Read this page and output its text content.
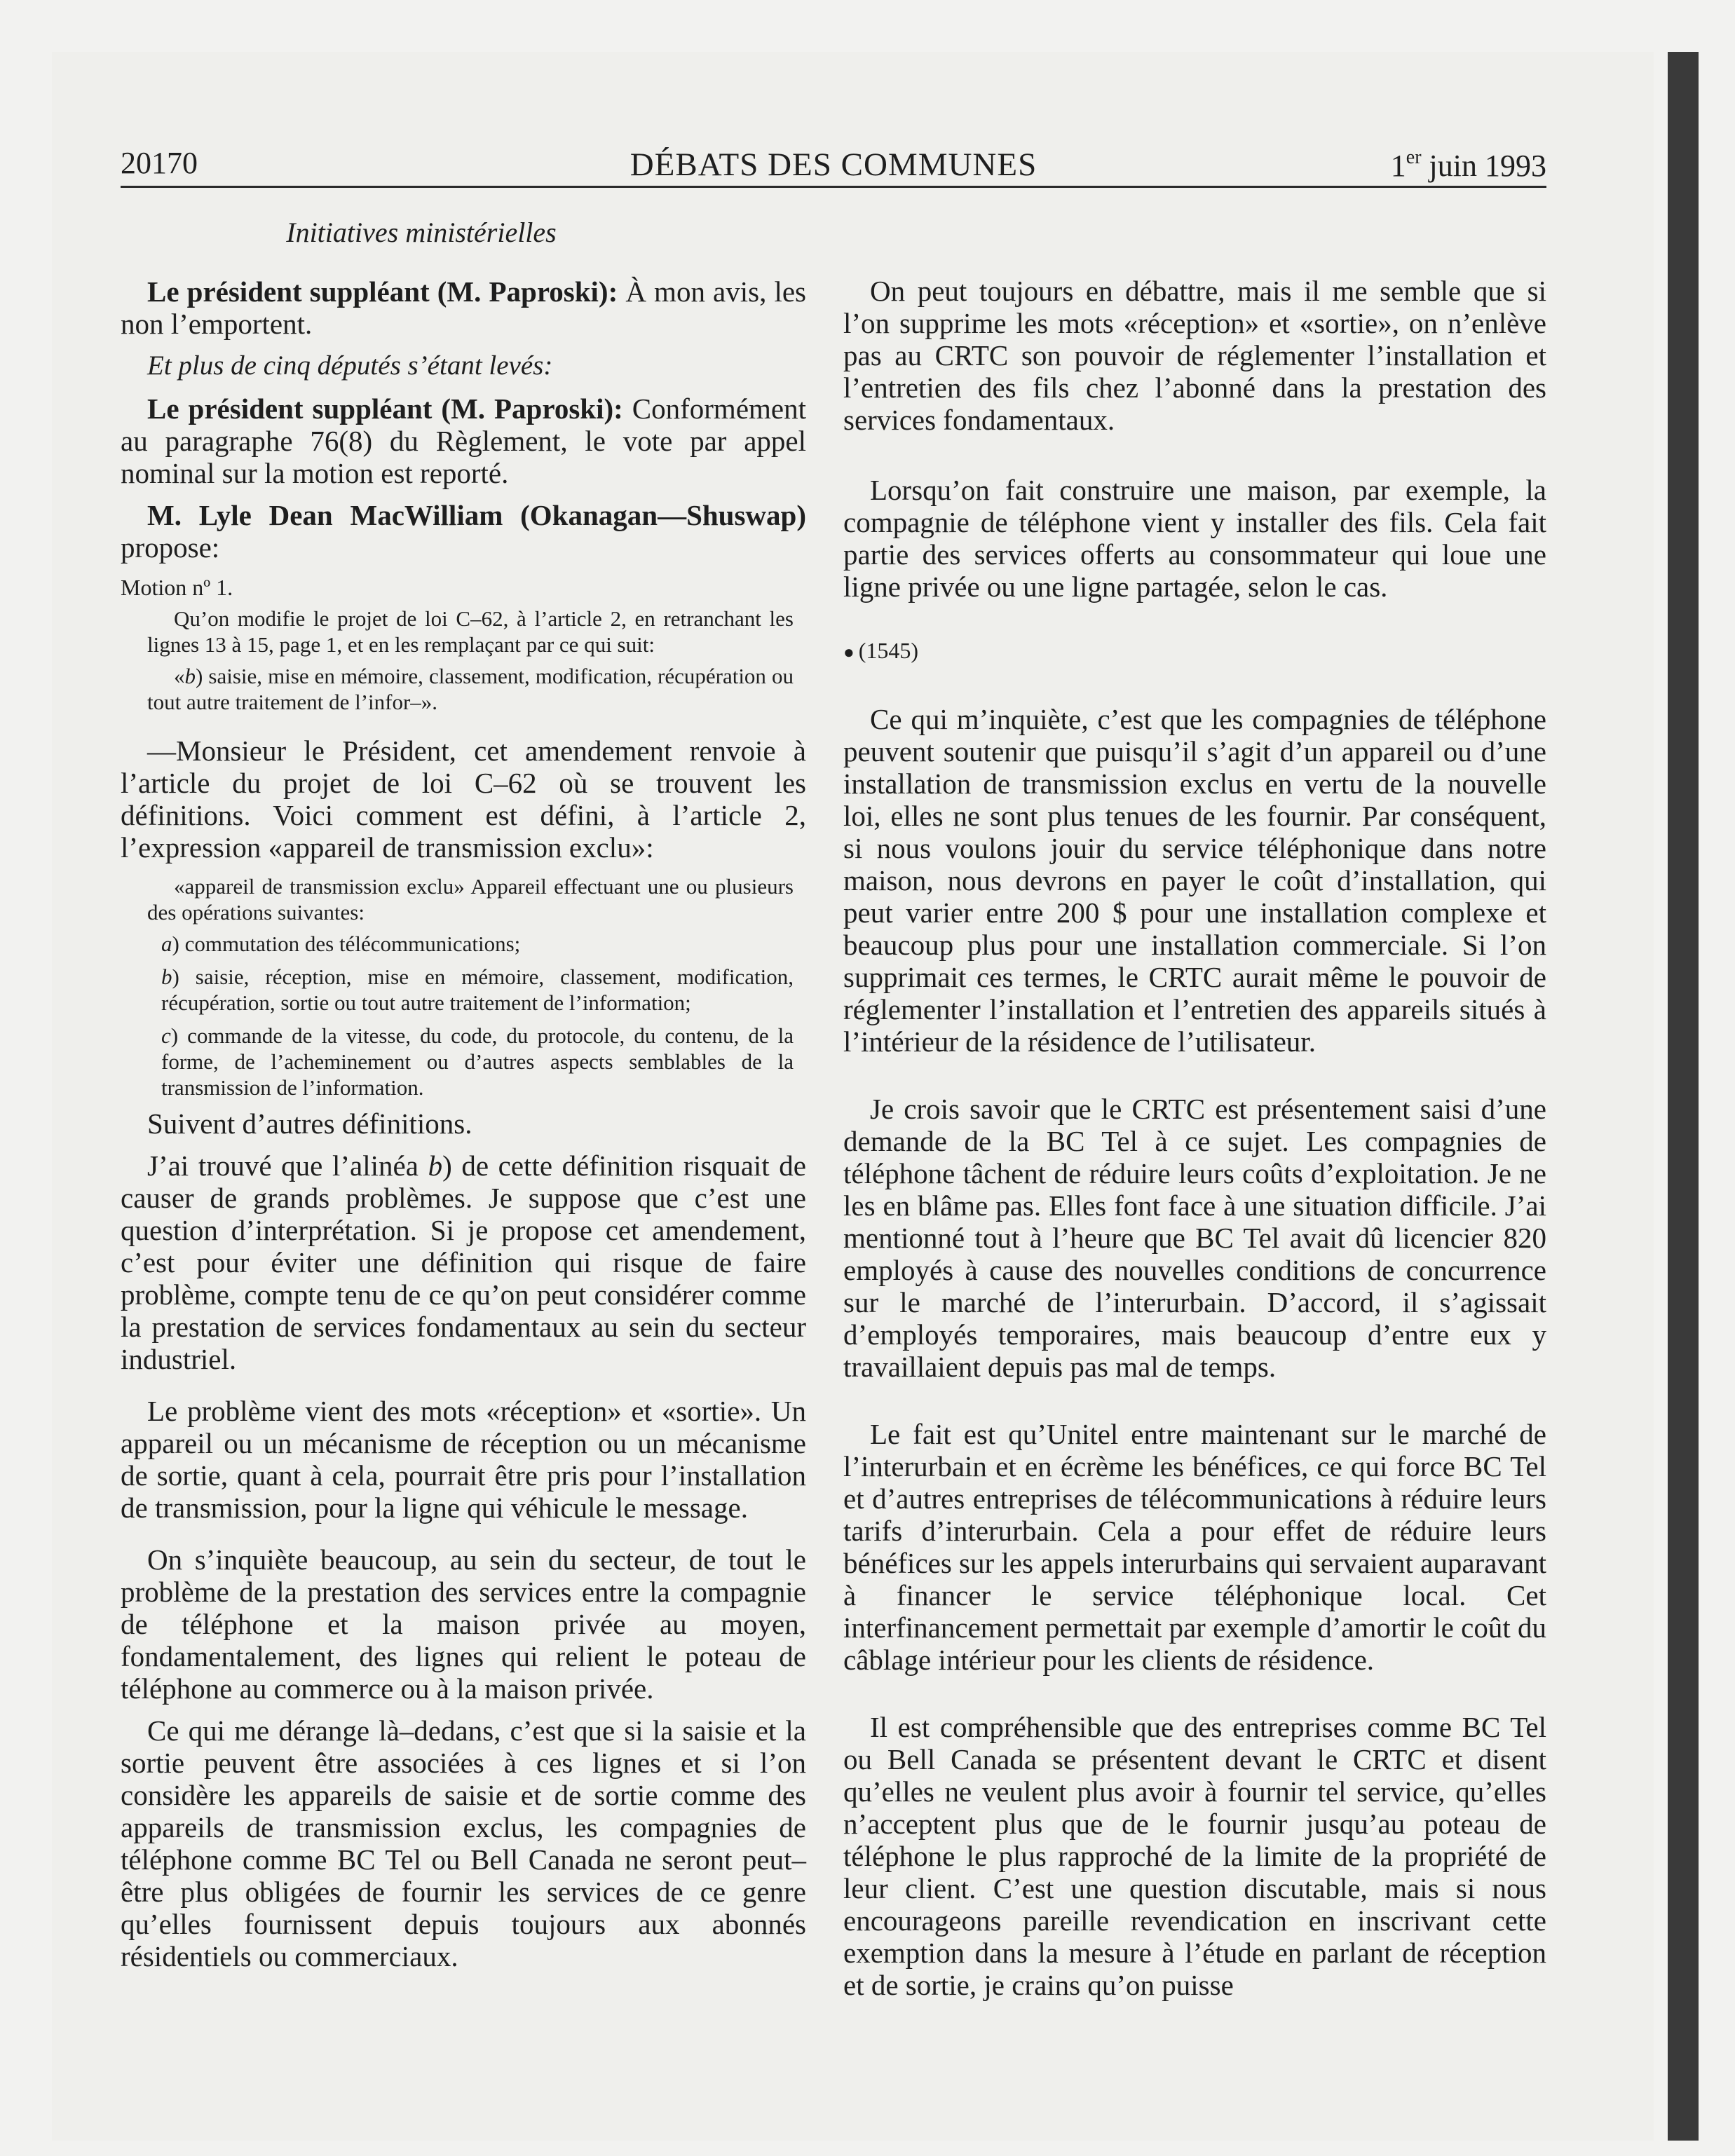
20170	DÉBATS DES COMMUNES	1er juin 1993
Initiatives ministérielles

Le président suppléant (M. Paproski): À mon avis, les non l’emportent.

Et plus de cinq députés s’étant levés:

Le président suppléant (M. Paproski): Conformément au paragraphe 76(8) du Règlement, le vote par appel nominal sur la motion est reporté.

M. Lyle Dean MacWilliam (Okanagan—Shuswap) propose:

Motion nº 1.

Qu’on modifie le projet de loi C–62, à l’article 2, en retranchant les lignes 13 à 15, page 1, et en les remplaçant par ce qui suit:

«b) saisie, mise en mémoire, classement, modification, récupération ou tout autre traitement de l’infor–».

—Monsieur le Président, cet amendement renvoie à l’article du projet de loi C–62 où se trouvent les définitions. Voici comment est défini, à l’article 2, l’expression «appareil de transmission exclu»:

«appareil de transmission exclu» Appareil effectuant une ou plusieurs des opérations suivantes:

a) commutation des télécommunications;

b) saisie, réception, mise en mémoire, classement, modification, récupération, sortie ou tout autre traitement de l’information;

c) commande de la vitesse, du code, du protocole, du contenu, de la forme, de l’acheminement ou d’autres aspects semblables de la transmission de l’information.

Suivent d’autres définitions.

J’ai trouvé que l’alinéa b) de cette définition risquait de causer de grands problèmes. Je suppose que c’est une question d’interprétation. Si je propose cet amendement, c’est pour éviter une définition qui risque de faire problème, compte tenu de ce qu’on peut considérer comme la prestation de services fondamentaux au sein du secteur industriel.

Le problème vient des mots «réception» et «sortie». Un appareil ou un mécanisme de réception ou un mécanisme de sortie, quant à cela, pourrait être pris pour l’installation de transmission, pour la ligne qui véhicule le message.

On s’inquiète beaucoup, au sein du secteur, de tout le problème de la prestation des services entre la compagnie de téléphone et la maison privée au moyen, fondamentalement, des lignes qui relient le poteau de téléphone au commerce ou à la maison privée.

Ce qui me dérange là–dedans, c’est que si la saisie et la sortie peuvent être associées à ces lignes et si l’on considère les appareils de saisie et de sortie comme des appareils de transmission exclus, les compagnies de téléphone comme BC Tel ou Bell Canada ne seront peut–être plus obligées de fournir les services de ce genre qu’elles fournissent depuis toujours aux abonnés résidentiels ou commerciaux.

On peut toujours en débattre, mais il me semble que si l’on supprime les mots «réception» et «sortie», on n’enlève pas au CRTC son pouvoir de réglementer l’installation et l’entretien des fils chez l’abonné dans la prestation des services fondamentaux.

Lorsqu’on fait construire une maison, par exemple, la compagnie de téléphone vient y installer des fils. Cela fait partie des services offerts au consommateur qui loue une ligne privée ou une ligne partagée, selon le cas.

● (1545)

Ce qui m’inquiète, c’est que les compagnies de téléphone peuvent soutenir que puisqu’il s’agit d’un appareil ou d’une installation de transmission exclus en vertu de la nouvelle loi, elles ne sont plus tenues de les fournir. Par conséquent, si nous voulons jouir du service téléphonique dans notre maison, nous devrons en payer le coût d’installation, qui peut varier entre 200 $ pour une installation complexe et beaucoup plus pour une installation commerciale. Si l’on supprimait ces termes, le CRTC aurait même le pouvoir de réglementer l’installation et l’entretien des appareils situés à l’intérieur de la résidence de l’utilisateur.

Je crois savoir que le CRTC est présentement saisi d’une demande de la BC Tel à ce sujet. Les compagnies de téléphone tâchent de réduire leurs coûts d’exploitation. Je ne les en blâme pas. Elles font face à une situation difficile. J’ai mentionné tout à l’heure que BC Tel avait dû licencier 820 employés à cause des nouvelles conditions de concurrence sur le marché de l’interurbain. D’accord, il s’agissait d’employés temporaires, mais beaucoup d’entre eux y travaillaient depuis pas mal de temps.

Le fait est qu’Unitel entre maintenant sur le marché de l’interurbain et en écrème les bénéfices, ce qui force BC Tel et d’autres entreprises de télécommunications à réduire leurs tarifs d’interurbain. Cela a pour effet de réduire leurs bénéfices sur les appels interurbains qui servaient auparavant à financer le service téléphonique local. Cet interfinancement permettait par exemple d’amortir le coût du câblage intérieur pour les clients de résidence.

Il est compréhensible que des entreprises comme BC Tel ou Bell Canada se présentent devant le CRTC et disent qu’elles ne veulent plus avoir à fournir tel service, qu’elles n’acceptent plus que de le fournir jusqu’au poteau de téléphone le plus rapproché de la limite de la propriété de leur client. C’est une question discutable, mais si nous encourageons pareille revendication en inscrivant cette exemption dans la mesure à l’étude en parlant de réception et de sortie, je crains qu’on puisse
